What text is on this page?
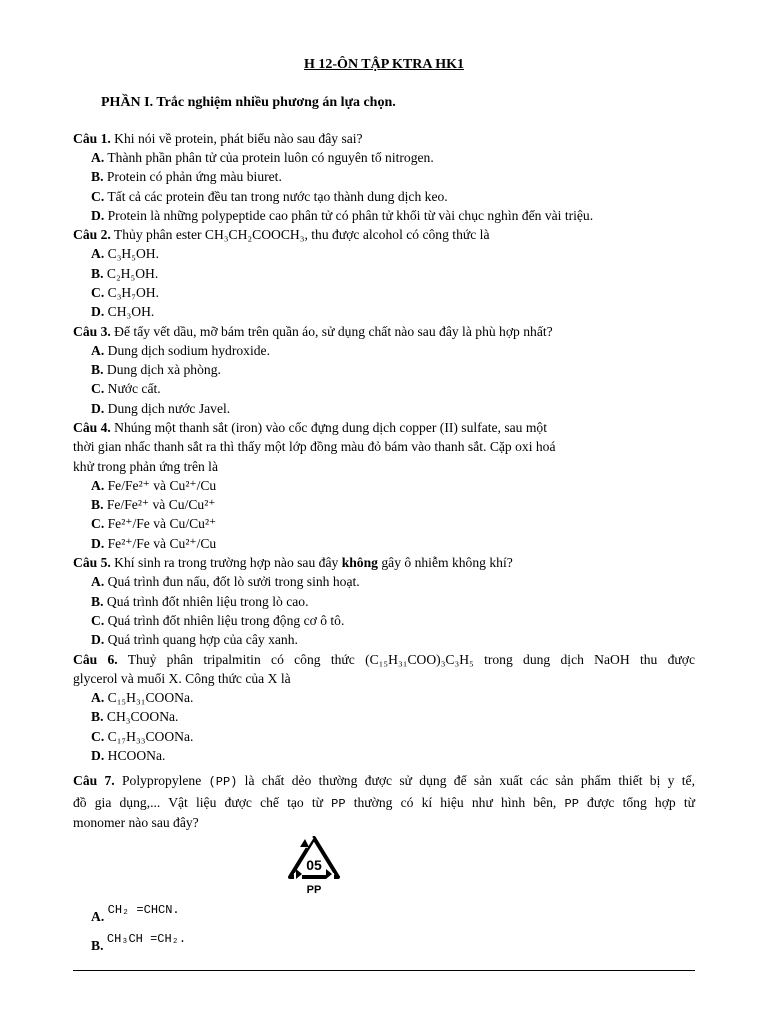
H 12-ÔN TẬP KTRA HK1
PHẦN I. Trắc nghiệm nhiều phương án lựa chọn.
Câu 1. Khi nói về protein, phát biểu nào sau đây sai?
A. Thành phần phân tử của protein luôn có nguyên tố nitrogen.
B. Protein có phản ứng màu biuret.
C. Tất cả các protein đều tan trong nước tạo thành dung dịch keo.
D. Protein là những polypeptide cao phân tử có phân tử khối từ vài chục nghìn đến vài triệu.
Câu 2. Thủy phân ester CH₃CH₂COOCH₃, thu được alcohol có công thức là
A. C₃H₅OH.
B. C₂H₅OH.
C. C₃H₇OH.
D. CH₃OH.
Câu 3. Để tẩy vết dầu, mỡ bám trên quần áo, sử dụng chất nào sau đây là phù hợp nhất?
A. Dung dịch sodium hydroxide.
B. Dung dịch xà phòng.
C. Nước cất.
D. Dung dịch nước Javel.
Câu 4. Nhúng một thanh sắt (iron) vào cốc đựng dung dịch copper (II) sulfate, sau một
thời gian nhấc thanh sắt ra thì thấy một lớp đồng màu đỏ bám vào thanh sắt. Cặp oxi hoá
khử trong phản ứng trên là
A. Fe/Fe²⁺ và Cu²⁺/Cu
B. Fe/Fe²⁺ và Cu/Cu²⁺
C. Fe²⁺/Fe và Cu/Cu²⁺
D. Fe²⁺/Fe và Cu²⁺/Cu
Câu 5. Khí sinh ra trong trường hợp nào sau đây không gây ô nhiễm không khí?
A. Quá trình đun nấu, đốt lò sưởi trong sinh hoạt.
B. Quá trình đốt nhiên liệu trong lò cao.
C. Quá trình đốt nhiên liệu trong động cơ ô tô.
D. Quá trình quang hợp của cây xanh.
Câu 6. Thuỷ phân tripalmitin có công thức (C₁₅H₃₁COO)₃C₃H₅ trong dung dịch NaOH thu được
glycerol và muối X. Công thức của X là
A. C₁₅H₃₁COONa.
B. CH₃COONa.
C. C₁₇H₃₃COONa.
D. HCOONa.
Câu 7. Polypropylene (PP) là chất dẻo thường được sử dụng để sản xuất các sản phẩm thiết bị y tế,
đồ gia dụng,... Vật liệu được chế tạo từ PP thường có kí hiệu như hình bên, PP được tổng hợp từ
monomer nào sau đây?
05
PP
A. CH₂ =CHCN.
B. CH₃CH =CH₂.
